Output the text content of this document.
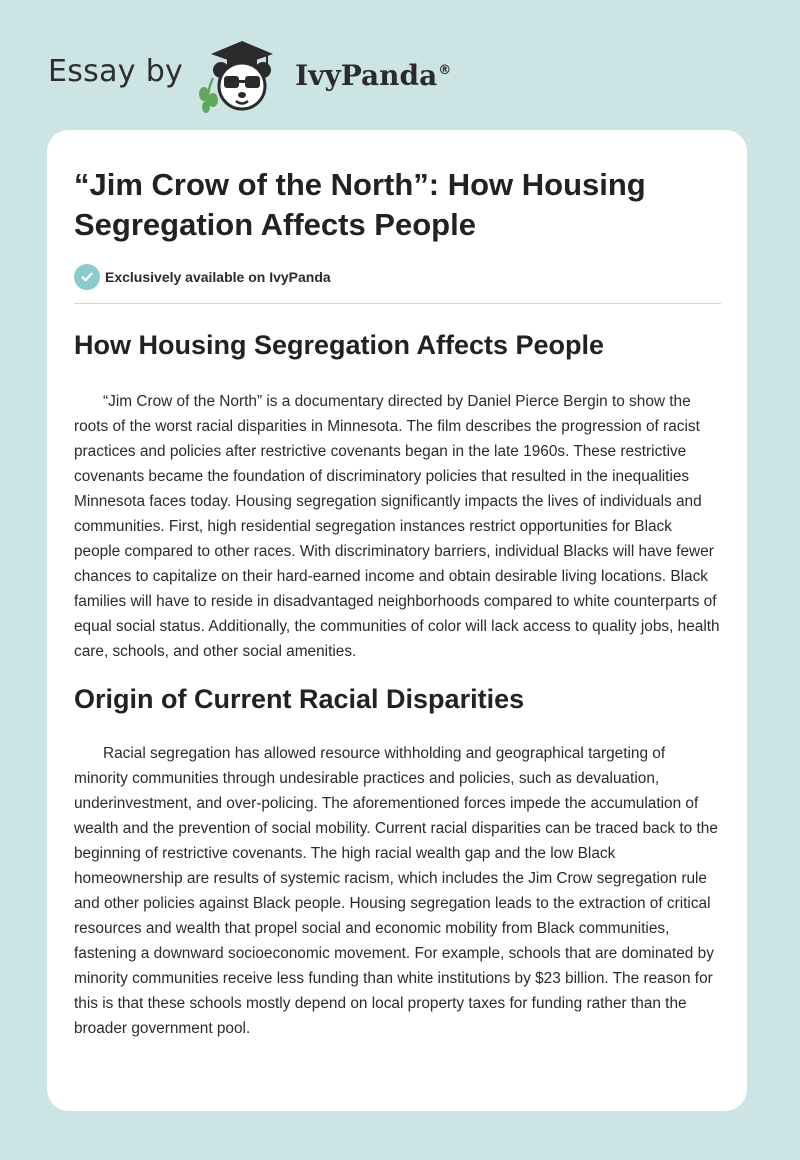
Essay by	IvyPanda®
“Jim Crow of the North”: How Housing Segregation Affects People
Exclusively available on IvyPanda
How Housing Segregation Affects People

“Jim Crow of the North” is a documentary directed by Daniel Pierce Bergin to show the roots of the worst racial disparities in Minnesota. The film describes the progression of racist practices and policies after restrictive covenants began in the late 1960s. These restrictive covenants became the foundation of discriminatory policies that resulted in the inequalities Minnesota faces today. Housing segregation significantly impacts the lives of individuals and communities. First, high residential segregation instances restrict opportunities for Black people compared to other races. With discriminatory barriers, individual Blacks will have fewer chances to capitalize on their hard-earned income and obtain desirable living locations. Black families will have to reside in disadvantaged neighborhoods compared to white counterparts of equal social status. Additionally, the communities of color will lack access to quality jobs, health care, schools, and other social amenities.

Origin of Current Racial Disparities

Racial segregation has allowed resource withholding and geographical targeting of minority communities through undesirable practices and policies, such as devaluation, underinvestment, and over-policing. The aforementioned forces impede the accumulation of wealth and the prevention of social mobility. Current racial disparities can be traced back to the beginning of restrictive covenants. The high racial wealth gap and the low Black homeownership are results of systemic racism, which includes the Jim Crow segregation rule and other policies against Black people. Housing segregation leads to the extraction of critical resources and wealth that propel social and economic mobility from Black communities, fastening a downward socioeconomic movement. For example, schools that are dominated by minority communities receive less funding than white institutions by $23 billion. The reason for this is that these schools mostly depend on local property taxes for funding rather than the broader government pool.
